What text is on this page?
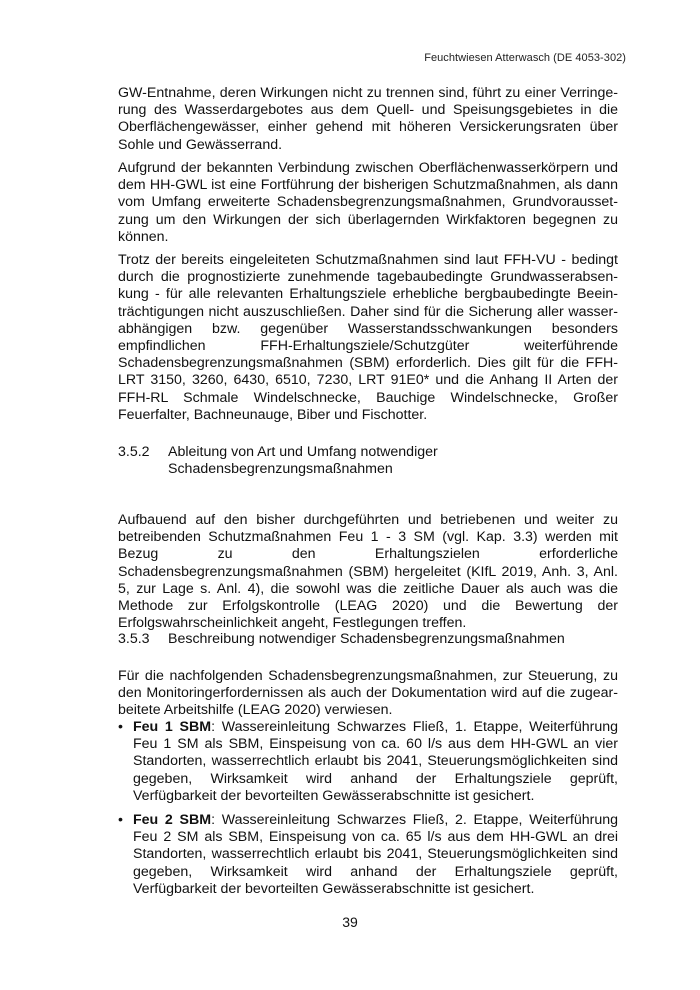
Feuchtwiesen Atterwasch (DE 4053-302)

GW-Entnahme, deren Wirkungen nicht zu trennen sind, führt zu einer Verringerung des Wasserdargebotes aus dem Quell- und Speisungsgebietes in die Oberflächengewässer, einher gehend mit höheren Versickerungsraten über Sohle und Gewässerrand.

Aufgrund der bekannten Verbindung zwischen Oberflächenwasserkörpern und dem HH-GWL ist eine Fortführung der bisherigen Schutzmaßnahmen, als dann vom Umfang erweiterte Schadensbegrenzungsmaßnahmen, Grundvoraussetzung um den Wirkungen der sich überlagernden Wirkfaktoren begegnen zu können.

Trotz der bereits eingeleiteten Schutzmaßnahmen sind laut FFH-VU - bedingt durch die prognostizierte zunehmende tagebaubedingte Grundwasserabsenkung - für alle relevanten Erhaltungsziele erhebliche bergbaubedingte Beeinträchtigungen nicht auszuschließen. Daher sind für die Sicherung aller wasserabhängigen bzw. gegenüber Wasserstandsschwankungen besonders empfindlichen FFH-Erhaltungsziele/Schutzgüter weiterführende Schadensbegrenzungsmaßnahmen (SBM) erforderlich. Dies gilt für die FFH-LRT 3150, 3260, 6430, 6510, 7230, LRT 91E0* und die Anhang II Arten der FFH-RL Schmale Windelschnecke, Bauchige Windelschnecke, Großer Feuerfalter, Bachneunauge, Biber und Fischotter.

3.5.2 Ableitung von Art und Umfang notwendiger Schadensbegrenzungsmaßnahmen

Aufbauend auf den bisher durchgeführten und betriebenen und weiter zu betreibenden Schutzmaßnahmen Feu 1 - 3 SM (vgl. Kap. 3.3) werden mit Bezug zu den Erhaltungszielen erforderliche Schadensbegrenzungsmaßnahmen (SBM) hergeleitet (KIfL 2019, Anh. 3, Anl. 5, zur Lage s. Anl. 4), die sowohl was die zeitliche Dauer als auch was die Methode zur Erfolgskontrolle (LEAG 2020) und die Bewertung der Erfolgswahrscheinlichkeit angeht, Festlegungen treffen.

3.5.3 Beschreibung notwendiger Schadensbegrenzungsmaßnahmen

Für die nachfolgenden Schadensbegrenzungsmaßnahmen, zur Steuerung, zu den Monitoringerfordernissen als auch der Dokumentation wird auf die zugearbeitete Arbeitshilfe (LEAG 2020) verwiesen.

• Feu 1 SBM: Wassereinleitung Schwarzes Fließ, 1. Etappe, Weiterführung Feu 1 SM als SBM, Einspeisung von ca. 60 l/s aus dem HH-GWL an vier Standorten, wasserrechtlich erlaubt bis 2041, Steuerungsmöglichkeiten sind gegeben, Wirksamkeit wird anhand der Erhaltungsziele geprüft, Verfügbarkeit der bevorteilten Gewässerabschnitte ist gesichert.
• Feu 2 SBM: Wassereinleitung Schwarzes Fließ, 2. Etappe, Weiterführung Feu 2 SM als SBM, Einspeisung von ca. 65 l/s aus dem HH-GWL an drei Standorten, wasserrechtlich erlaubt bis 2041, Steuerungsmöglichkeiten sind gegeben, Wirksamkeit wird anhand der Erhaltungsziele geprüft, Verfügbarkeit der bevorteilten Gewässerabschnitte ist gesichert.
39
